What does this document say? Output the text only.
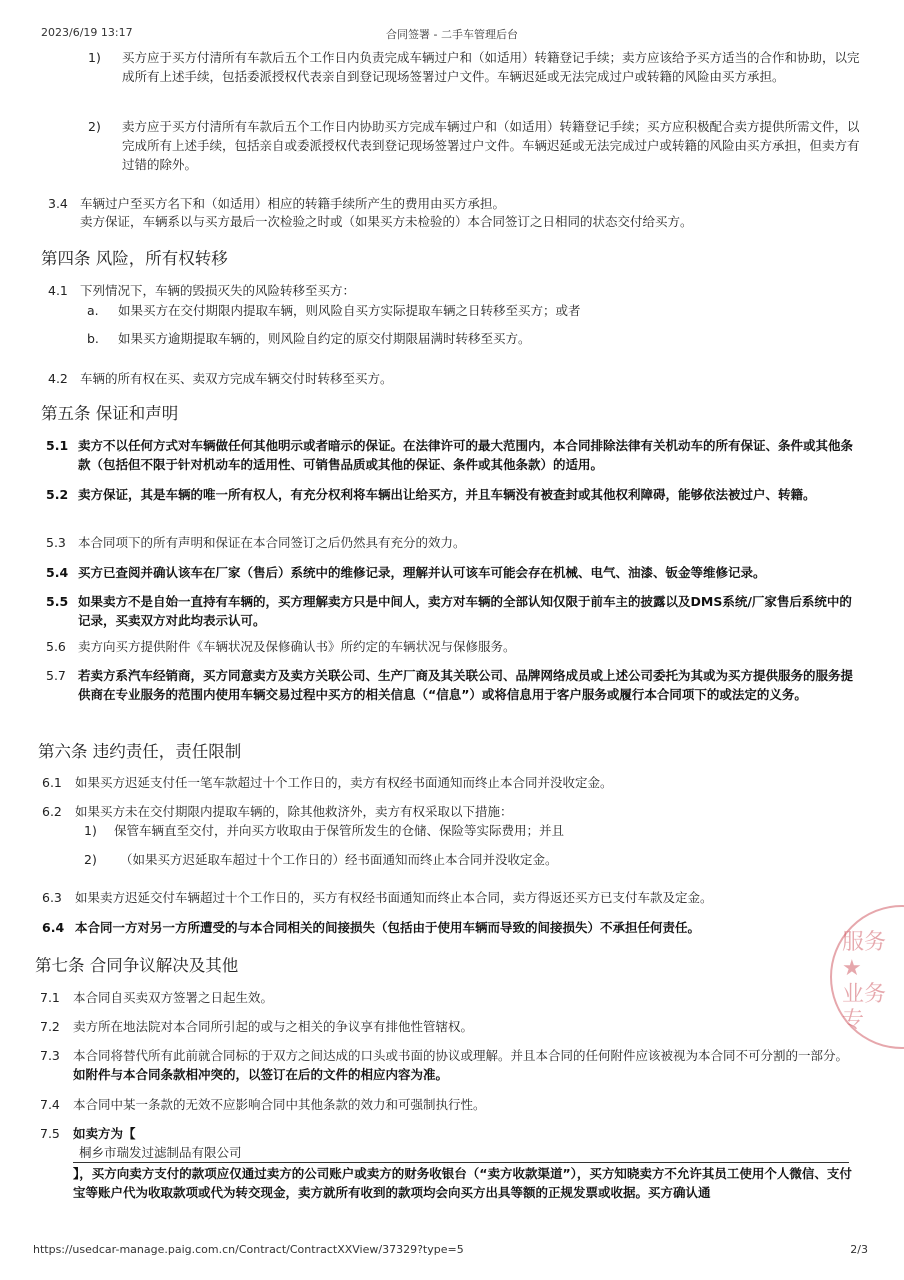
2023/6/19 13:17	合同签署 - 二手车管理后台
1) 买方应于买方付清所有车款后五个工作日内负责完成车辆过户和（如适用）转籍登记手续；卖方应该给予买方适当的合作和协助，以完成所有上述手续，包括委派授权代表亲自到登记现场签署过户文件。车辆迟延或无法完成过户或转籍的风险由买方承担。
2) 卖方应于买方付清所有车款后五个工作日内协助买方完成车辆过户和（如适用）转籍登记手续；买方应积极配合卖方提供所需文件，以完成所有上述手续，包括亲自或委派授权代表到登记现场签署过户文件。车辆迟延或无法完成过户或转籍的风险由买方承担，但卖方有过错的除外。
3.4 车辆过户至买方名下和（如适用）相应的转籍手续所产生的费用由买方承担。
卖方保证，车辆系以与买方最后一次检验之时或（如果买方未检验的）本合同签订之日相同的状态交付给买方。
第四条 风险，所有权转移
4.1 下列情况下，车辆的毁损灭失的风险转移至买方：
a. 如果买方在交付期限内提取车辆，则风险自买方实际提取车辆之日转移至买方；或者
b. 如果买方逾期提取车辆的，则风险自约定的原交付期限届满时转移至买方。
4.2 车辆的所有权在买、卖双方完成车辆交付时转移至买方。
第五条 保证和声明
5.1 卖方不以任何方式对车辆做任何其他明示或者暗示的保证。在法律许可的最大范围内，本合同排除法律有关机动车的所有保证、条件或其他条款（包括但不限于针对机动车的适用性、可销售品质或其他的保证、条件或其他条款）的适用。
5.2 卖方保证，其是车辆的唯一所有权人，有充分权利将车辆出让给买方，并且车辆没有被查封或其他权利障碍，能够依法被过户、转籍。
5.3 本合同项下的所有声明和保证在本合同签订之后仍然具有充分的效力。
5.4 买方已查阅并确认该车在厂家（售后）系统中的维修记录，理解并认可该车可能会存在机械、电气、油漆、钣金等维修记录。
5.5 如果卖方不是自始一直持有车辆的，买方理解卖方只是中间人，卖方对车辆的全部认知仅限于前车主的披露以及DMS系统/厂家售后系统中的记录，买卖双方对此均表示认可。
5.6 卖方向买方提供附件《车辆状况及保修确认书》所约定的车辆状况与保修服务。
5.7 若卖方系汽车经销商，买方同意卖方及卖方关联公司、生产厂商及其关联公司、品牌网络成员或上述公司委托为其或为买方提供服务的服务提供商在专业服务的范围内使用车辆交易过程中买方的相关信息（“信息”）或将信息用于客户服务或履行本合同项下的或法定的义务。
第六条 违约责任，责任限制
6.1 如果买方迟延支付任一笔车款超过十个工作日的，卖方有权经书面通知而终止本合同并没收定金。
6.2 如果买方未在交付期限内提取车辆的，除其他救济外，卖方有权采取以下措施：
1) 保管车辆直至交付，并向买方收取由于保管所发生的仓储、保险等实际费用；并且
2) （如果买方迟延取车超过十个工作日的）经书面通知而终止本合同并没收定金。
6.3 如果卖方迟延交付车辆超过十个工作日的，买方有权经书面通知而终止本合同，卖方得返还买方已支付车款及定金。
6.4 本合同一方对另一方所遭受的与本合同相关的间接损失（包括由于使用车辆而导致的间接损失）不承担任何责任。
第七条 合同争议解决及其他
7.1 本合同自买卖双方签署之日起生效。
7.2 卖方所在地法院对本合同所引起的或与之相关的争议享有排他性管辖权。
7.3 本合同将替代所有此前就合同标的于双方之间达成的口头或书面的协议或理解。并且本合同的任何附件应该被视为本合同不可分割的一部分。如附件与本合同条款相冲突的，以签订在后的文件的相应内容为准。
7.4 本合同中某一条款的无效不应影响合同中其他条款的效力和可强制执行性。
7.5 如卖方为【
桐乡市瑞发过滤制品有限公司
】，买方向卖方支付的款项应仅通过卖方的公司账户或卖方的财务收银台（“卖方收款渠道”），买方知晓卖方不允许其员工使用个人微信、支付宝等账户代为收取款项或代为转交现金，卖方就所有收到的款项均会向买方出具等额的正规发票或收据。买方确认通
服务
★
业务专
https://usedcar-manage.paig.com.cn/Contract/ContractXXView/37329?type=5	2/3
